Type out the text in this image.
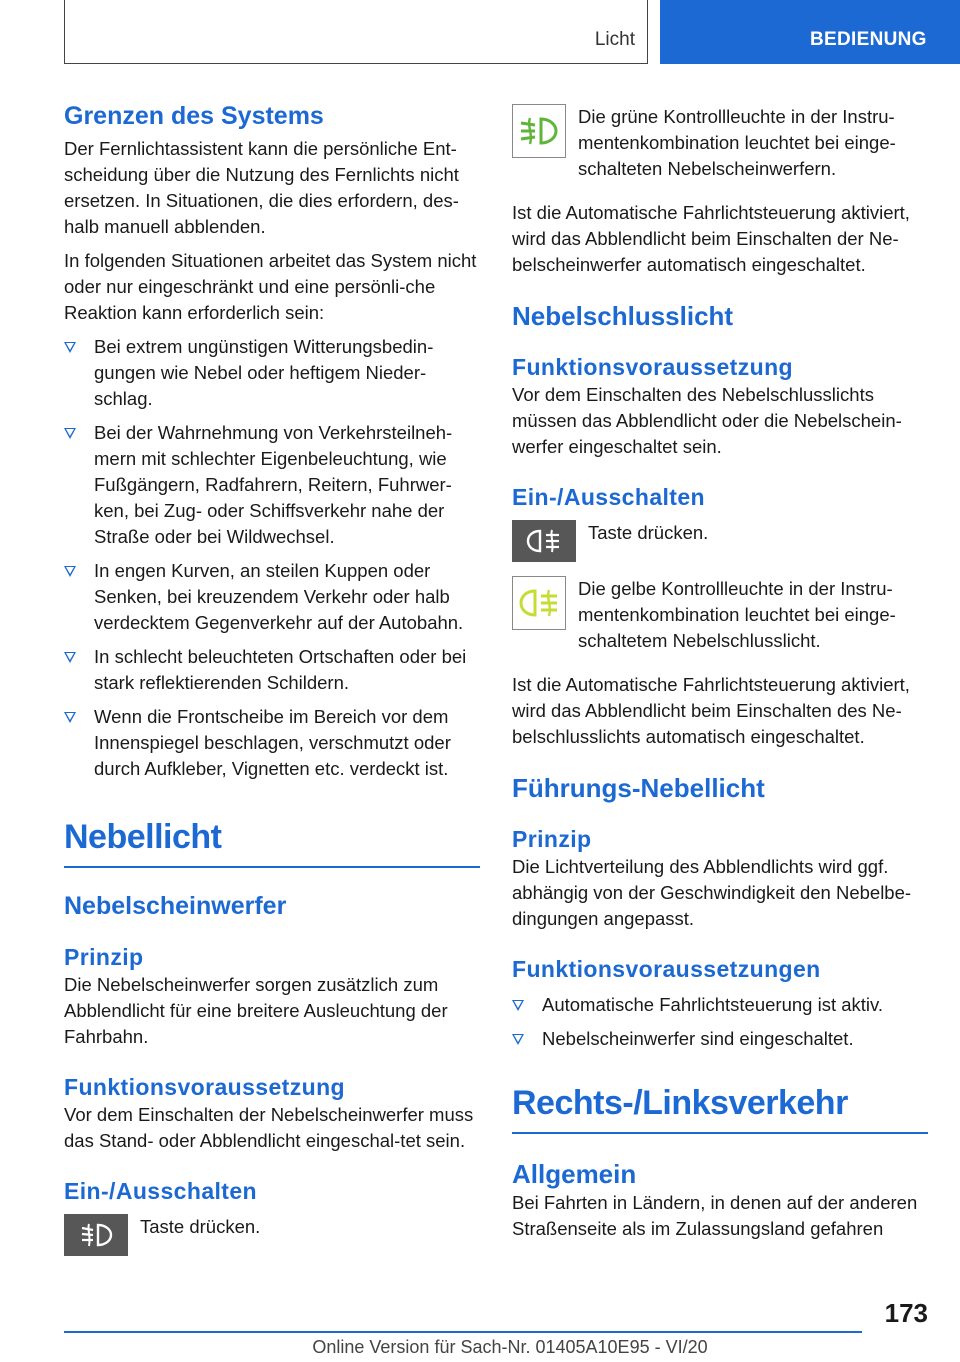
Licht	BEDIENUNG
Grenzen des Systems

Der Fernlichtassistent kann die persönliche Ent-scheidung über die Nutzung des Fernlichts nicht ersetzen. In Situationen, die dies erfordern, des-halb manuell abblenden.

In folgenden Situationen arbeitet das System nicht oder nur eingeschränkt und eine persönli-che Reaktion kann erforderlich sein:

Bei extrem ungünstigen Witterungsbedin-gungen wie Nebel oder heftigem Nieder-schlag.
Bei der Wahrnehmung von Verkehrsteilneh-mern mit schlechter Eigenbeleuchtung, wie Fußgängern, Radfahrern, Reitern, Fuhrwer-ken, bei Zug- oder Schiffsverkehr nahe der Straße oder bei Wildwechsel.
In engen Kurven, an steilen Kuppen oder Senken, bei kreuzendem Verkehr oder halb verdecktem Gegenverkehr auf der Autobahn.
In schlecht beleuchteten Ortschaften oder bei stark reflektierenden Schildern.
Wenn die Frontscheibe im Bereich vor dem Innenspiegel beschlagen, verschmutzt oder durch Aufkleber, Vignetten etc. verdeckt ist.
Nebellicht
Nebelscheinwerfer
Prinzip

Die Nebelscheinwerfer sorgen zusätzlich zum Abblendlicht für eine breitere Ausleuchtung der Fahrbahn.

Funktionsvoraussetzung

Vor dem Einschalten der Nebelscheinwerfer muss das Stand- oder Abblendlicht eingeschal-tet sein.

Ein-/Ausschalten
Taste drücken.
Die grüne Kontrollleuchte in der Instru-mentenkombination leuchtet bei einge-schalteten Nebelscheinwerfern.

Ist die Automatische Fahrlichtsteuerung aktiviert, wird das Abblendlicht beim Einschalten der Ne-belscheinwerfer automatisch eingeschaltet.

Nebelschlusslicht
Funktionsvoraussetzung

Vor dem Einschalten des Nebelschlusslichts müssen das Abblendlicht oder die Nebelschein-werfer eingeschaltet sein.

Ein-/Ausschalten
Taste drücken.
Die gelbe Kontrollleuchte in der Instru-mentenkombination leuchtet bei einge-schaltetem Nebelschlusslicht.

Ist die Automatische Fahrlichtsteuerung aktiviert, wird das Abblendlicht beim Einschalten des Ne-belschlusslichts automatisch eingeschaltet.

Führungs-Nebellicht
Prinzip

Die Lichtverteilung des Abblendlichts wird ggf. abhängig von der Geschwindigkeit den Nebelbe-dingungen angepasst.

Funktionsvoraussetzungen
Automatische Fahrlichtsteuerung ist aktiv.
Nebelscheinwerfer sind eingeschaltet.
Rechts-/Linksverkehr
Allgemein

Bei Fahrten in Ländern, in denen auf der anderen Straßenseite als im Zulassungsland gefahren

173
Online Version für Sach-Nr. 01405A10E95 - VI/20
